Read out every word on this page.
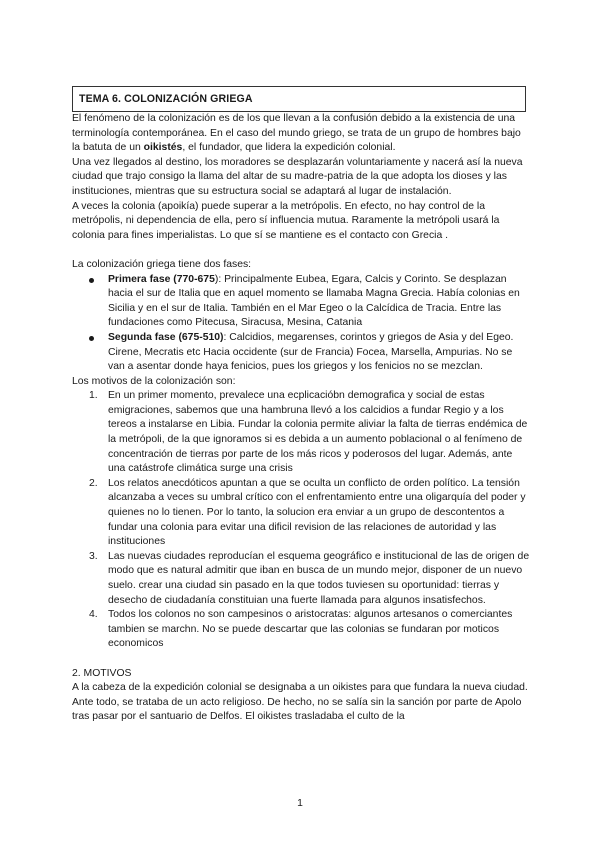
TEMA 6. COLONIZACIÓN GRIEGA

El fenómeno de la colonización es de los que llevan a la confusión debido a la existencia de una terminología contemporánea. En el caso del mundo griego, se trata de un grupo de hombres bajo la batuta de un oikistés, el fundador, que lidera la expedición colonial.

Una vez llegados al destino, los moradores se desplazarán voluntariamente y nacerá así la nueva ciudad que trajo consigo la llama del altar de su madre-patria de la que adopta los dioses y las instituciones, mientras que su estructura social se adaptará al lugar de instalación.

A veces la colonia (apoikía) puede superar a la metrópolis. En efecto, no hay control de la metrópolis, ni dependencia de ella, pero sí influencia mutua. Raramente la metrópoli usará la colonia para fines imperialistas. Lo que sí se mantiene es el contacto con Grecia .

La colonización griega tiene dos fases:

Primera fase (770-675): Principalmente Eubea, Egara, Calcis y Corinto. Se desplazan hacia el sur de Italia que en aquel momento se llamaba Magna Grecia. Había colonias en Sicilia y en el sur de Italia. También en el Mar Egeo o la Calcídica de Tracia. Entre las fundaciones como Pitecusa, Siracusa, Mesina, Catania
Segunda fase (675-510): Calcidios, megarenses, corintos y griegos de Asia y del Egeo. Cirene, Mecratis etc Hacia occidente (sur de Francia) Focea, Marsella, Ampurias. No se van a asentar donde haya fenicios, pues los griegos y los fenicios no se mezclan.

Los motivos de la colonización son:

1. En un primer momento, prevalece una ecplicacióbn demografica y social de estas emigraciones, sabemos que una hambruna llevó a los calcidios a fundar Regio y a los tereos a instalarse en Libia. Fundar la colonia permite aliviar la falta de tierras endémica de la metrópoli, de la que ignoramos si es debida a un aumento poblacional o al fenímeno de concentración de tierras por parte de los más ricos y poderosos del lugar. Además, ante una catástrofe climática surge una crisis
2. Los relatos anecdóticos apuntan a que se oculta un conflicto de orden político. La tensión alcanzaba a veces su umbral crítico con el enfrentamiento entre una oligarquía del poder y quienes no lo tienen. Por lo tanto, la solucion era enviar a un grupo de descontentos a fundar una colonia para evitar una dificil revision de las relaciones de autoridad y las instituciones
3. Las nuevas ciudades reproducían el esquema geográfico e institucional de las de origen de modo que es natural admitir que iban en busca de un mundo mejor, disponer de un nuevo suelo. crear una ciudad sin pasado en la que todos tuviesen su oportunidad: tierras y desecho de ciudadanía constituian una fuerte llamada para algunos insatisfechos.
4. Todos los colonos no son campesinos o aristocratas: algunos artesanos o comerciantes tambien se marchn. No se puede descartar que las colonias se fundaran por moticos economicos

2. MOTIVOS

A la cabeza de la expedición colonial se designaba a un oikistes para que fundara la nueva ciudad. Ante todo, se trataba de un acto religioso. De hecho, no se salía sin la sanción por parte de Apolo tras pasar por el santuario de Delfos. El oikistes trasladaba el culto de la

1
